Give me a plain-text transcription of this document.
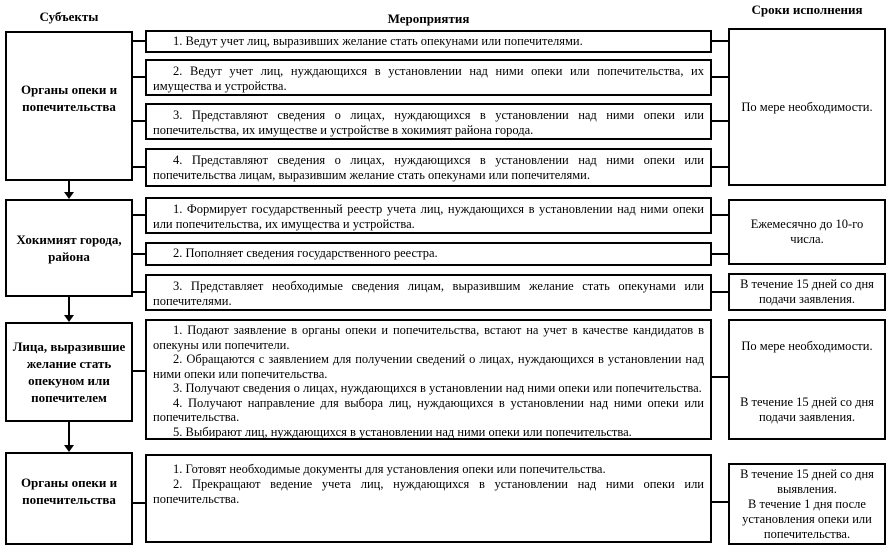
Субъекты	Мероприятия
Сроки исполнения
Органы опеки и попечительства
1. Ведут учет лиц, выразивших желание стать опекунами или попечителями.
2. Ведут учет лиц, нуждающихся в установлении над ними опеки или попечительства, их имущества и устройства.
3. Представляют сведения о лицах, нуждающихся в установлении над ними опеки или попечительства, их имуществе и устройстве в хокимият района города.
4. Представляют сведения о лицах, нуждающихся в установлении над ними опеки или попечительства лицам, выразившим желание стать опекунами или попечителями.
По мере необходимости.
Хокимият города, района
1. Формирует государственный реестр учета лиц, нуждающихся в установлении над ними опеки или попечительства, их имущества и устройства.
2. Пополняет сведения государственного реестра.
3. Представляет необходимые сведения лицам, выразившим желание стать опекунами или попечителями.
Ежемесячно до 10-го числа.
В течение 15 дней со дня подачи заявления.
Лица, выразившие желание стать опекуном или попечителем
1. Подают заявление в органы опеки и попечительства, встают на учет в качестве кандидатов в опекуны или попечители.
2. Обращаются с заявлением для получении сведений о лицах, нуждающихся в установлении над ними опеки или попечительства.
3. Получают сведения о лицах, нуждающихся в установлении над ними опеки или попечительства.
4. Получают направление для выбора лиц, нуждающихся в установлении над ними опеки или попечительства.
5. Выбирают лиц, нуждающихся в установлении над ними опеки или попечительства.
По мере необходимости.
В течение 15 дней со дня подачи заявления.
Органы опеки и попечительства
1. Готовят необходимые документы для установления опеки или попечительства.
2. Прекращают ведение учета лиц, нуждающихся в установлении над ними опеки или попечительства.
В течение 15 дней со дня выявления.
В течение 1 дня после установления опеки или попечительства.
